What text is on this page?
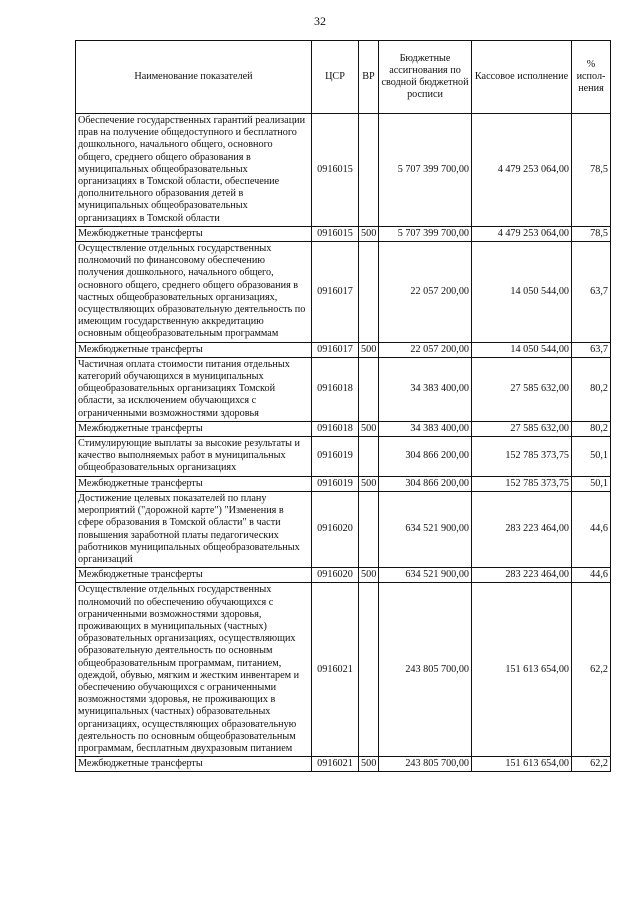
32
Наименование показателей	ЦСР	ВР	Бюджетные ассигнования по сводной бюджетной росписи	Кассовое исполнение	% испол-нения
Обеспечение государственных гарантий реализации прав на получение общедоступного и бесплатного дошкольного, начального общего, основного общего, среднего общего образования в муниципальных общеобразовательных организациях в Томской области, обеспечение дополнительного образования детей в муниципальных общеобразовательных организациях в Томской области	0916015		5 707 399 700,00	4 479 253 064,00	78,5
Межбюджетные трансферты	0916015	500	5 707 399 700,00	4 479 253 064,00	78,5
Осуществление отдельных государственных полномочий по финансовому обеспечению получения дошкольного, начального общего, основного общего, среднего общего образования в частных общеобразовательных организациях, осуществляющих образовательную деятельность по имеющим государственную аккредитацию основным общеобразовательным программам	0916017		22 057 200,00	14 050 544,00	63,7
Межбюджетные трансферты	0916017	500	22 057 200,00	14 050 544,00	63,7
Частичная оплата стоимости питания отдельных категорий обучающихся в муниципальных общеобразовательных организациях Томской области, за исключением обучающихся с ограниченными возможностями здоровья	0916018		34 383 400,00	27 585 632,00	80,2
Межбюджетные трансферты	0916018	500	34 383 400,00	27 585 632,00	80,2
Стимулирующие выплаты за высокие результаты и качество выполняемых работ в муниципальных общеобразовательных организациях	0916019		304 866 200,00	152 785 373,75	50,1
Межбюджетные трансферты	0916019	500	304 866 200,00	152 785 373,75	50,1
Достижение целевых показателей по плану мероприятий ("дорожной карте") "Изменения в сфере образования в Томской области" в части повышения заработной платы педагогических работников муниципальных общеобразовательных организаций	0916020		634 521 900,00	283 223 464,00	44,6
Межбюджетные трансферты	0916020	500	634 521 900,00	283 223 464,00	44,6
Осуществление отдельных государственных полномочий по обеспечению обучающихся с ограниченными возможностями здоровья, проживающих в муниципальных (частных) образовательных организациях, осуществляющих образовательную деятельность по основным общеобразовательным программам, питанием, одеждой, обувью, мягким и жестким инвентарем и обеспечению обучающихся с ограниченными возможностями здоровья, не проживающих в муниципальных (частных) образовательных организациях, осуществляющих образовательную деятельность по основным общеобразовательным программам, бесплатным двухразовым питанием	0916021		243 805 700,00	151 613 654,00	62,2
Межбюджетные трансферты	0916021	500	243 805 700,00	151 613 654,00	62,2
